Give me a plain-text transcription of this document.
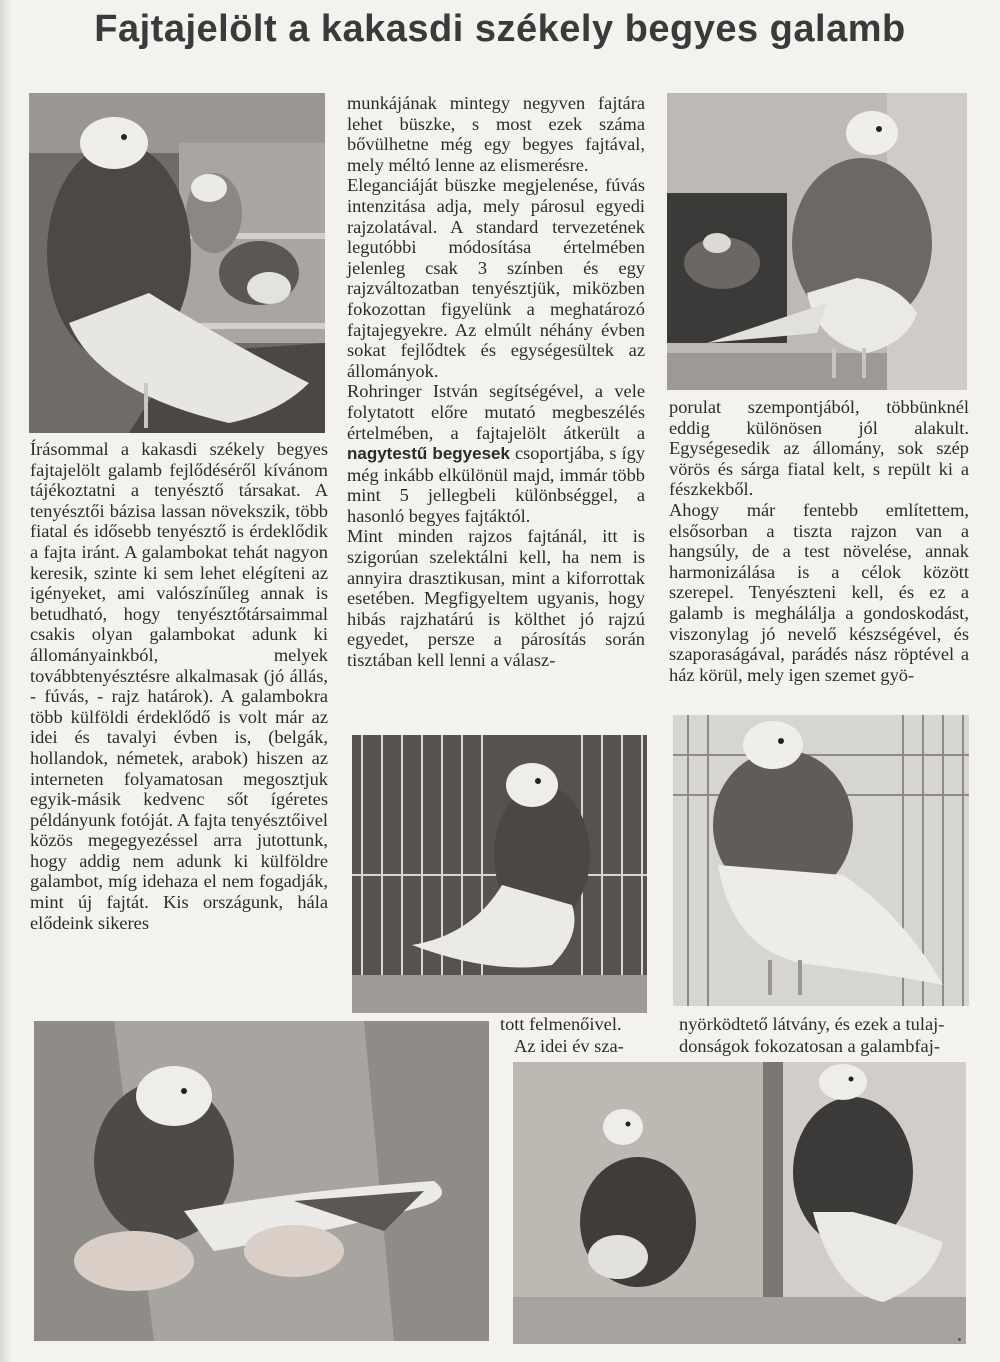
Fajtajelölt a kakasdi székely begyes galamb

Írásommal a kakasdi székely begyes fajtajelölt galamb fejlődéséről kívánom tájékoztatni a tenyésztő társakat. A tenyésztői bázisa lassan növekszik, több fiatal és idősebb tenyésztő is érdeklődik a fajta iránt. A galambokat tehát nagyon keresik, szinte ki sem lehet elégíteni az igényeket, ami valószínűleg annak is betudható, hogy tenyésztőtársaimmal csakis olyan galambokat adunk ki állományainkból, melyek továbbtenyésztésre alkalmasak (jó állás, - fúvás, - rajz határok). A galambokra több külföldi érdeklődő is volt már az idei és tavalyi évben is, (belgák, hollandok, németek, arabok) hiszen az interneten folyamatosan megosztjuk egyik-másik kedvenc sőt ígéretes példányunk fotóját. A fajta tenyésztőivel közös megegyezéssel arra jutottunk, hogy addig nem adunk ki külföldre galambot, míg idehaza el nem fogadják, mint új fajtát. Kis országunk, hála elődeink sikeres

munkájának mintegy negyven fajtára lehet büszke, s most ezek száma bővülhetne még egy begyes fajtával, mely méltó lenne az elismerésre.

Eleganciáját büszke megjelenése, fúvás intenzitása adja, mely párosul egyedi rajzolatával. A standard tervezetének legutóbbi módosítása értelmében jelenleg csak 3 színben és egy rajzváltozatban tenyésztjük, miközben fokozottan figyelünk a meghatározó fajtajegyekre. Az elmúlt néhány évben sokat fejlődtek és egységesültek az állományok.

Rohringer István segítségével, a vele folytatott előre mutató megbeszélés értelmében, a fajtajelölt átkerült a nagytestű begyesek csoportjába, s így még inkább elkülönül majd, immár több mint 5 jellegbeli különbséggel, a hasonló begyes fajtáktól.

Mint minden rajzos fajtánál, itt is szigorúan szelektálni kell, ha nem is annyira drasztikusan, mint a kiforrottak esetében. Megfigyeltem ugyanis, hogy hibás rajzhatárú is költhet jó rajzú egyedet, persze a párosítás során tisztában kell lenni a válasz-

tott felmenőivel.
Az idei év sza-

porulat szempontjából, többünknél eddig különösen jól alakult. Egységesedik az állomány, sok szép vörös és sárga fiatal kelt, s repült ki a fészkekből.

Ahogy már fentebb említettem, elsősorban a tiszta rajzon van a hangsúly, de a test növelése, annak harmonizálása is a célok között szerepel. Tenyészteni kell, és ez a galamb is meghálálja a gondoskodást, viszonylag jó nevelő készségével, és szaporaságával, parádés nász röptével a ház körül, mely igen szemet gyö-

nyörködtető látvány, és ezek a tulaj-
donságok fokozatosan a galambfaj-
